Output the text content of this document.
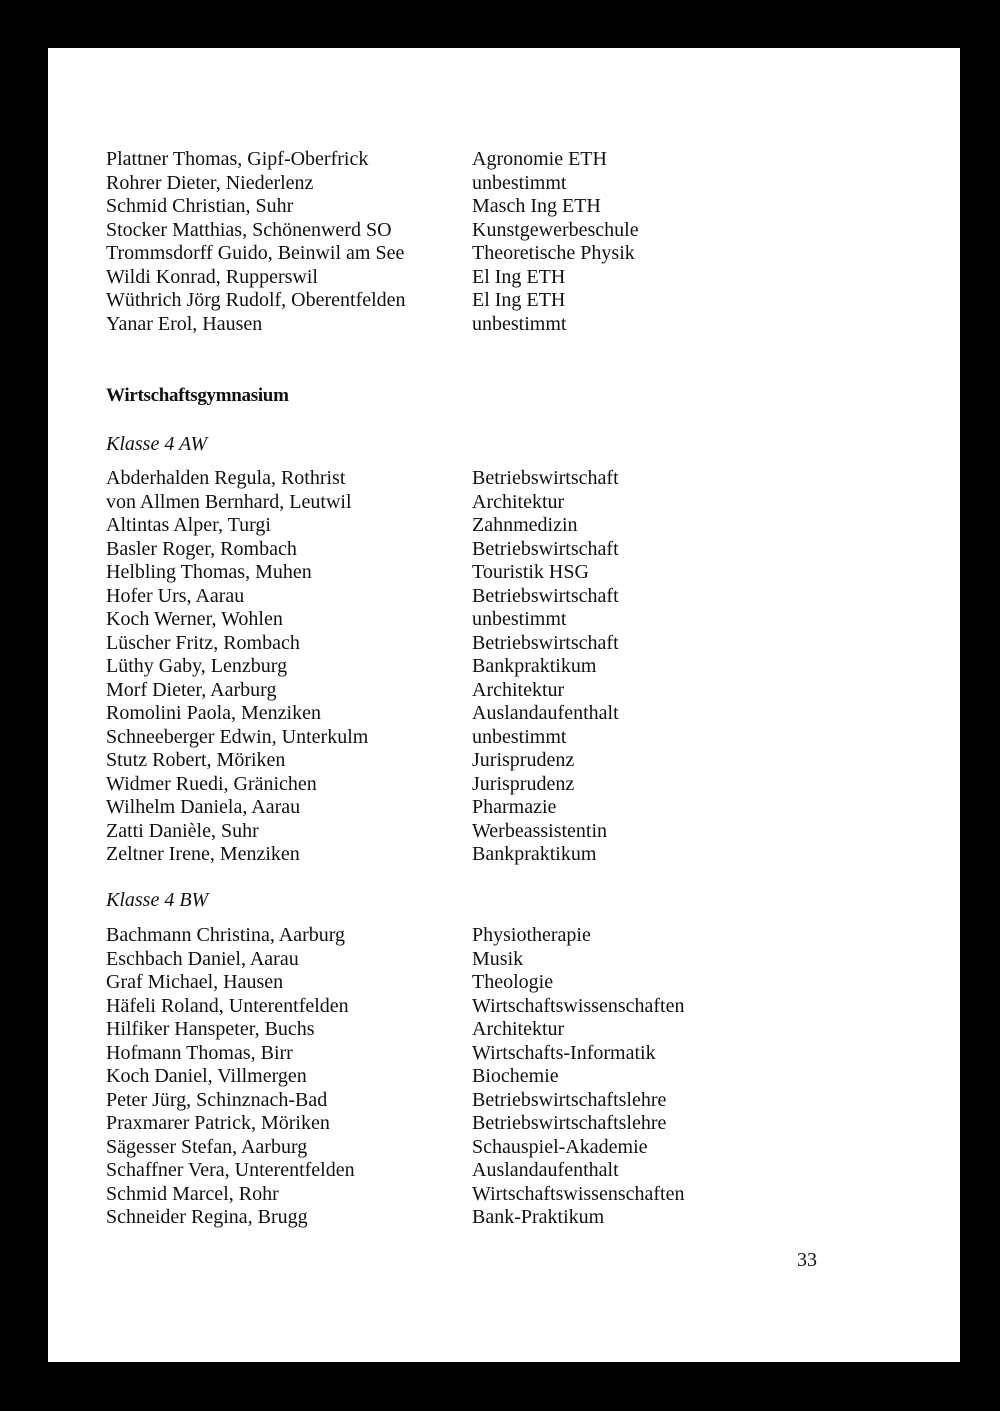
Plattner Thomas, Gipf-Oberfrick	Agronomie ETH
Rohrer Dieter, Niederlenz	unbestimmt
Schmid Christian, Suhr	Masch Ing ETH
Stocker Matthias, Schönenwerd SO	Kunstgewerbeschule
Trommsdorff Guido, Beinwil am See	Theoretische Physik
Wildi Konrad, Rupperswil	El Ing ETH
Wüthrich Jörg Rudolf, Oberentfelden	El Ing ETH
Yanar Erol, Hausen	unbestimmt
Wirtschaftsgymnasium
Klasse 4 AW
Abderhalden Regula, Rothrist	Betriebswirtschaft
von Allmen Bernhard, Leutwil	Architektur
Altintas Alper, Turgi	Zahnmedizin
Basler Roger, Rombach	Betriebswirtschaft
Helbling Thomas, Muhen	Touristik HSG
Hofer Urs, Aarau	Betriebswirtschaft
Koch Werner, Wohlen	unbestimmt
Lüscher Fritz, Rombach	Betriebswirtschaft
Lüthy Gaby, Lenzburg	Bankpraktikum
Morf Dieter, Aarburg	Architektur
Romolini Paola, Menziken	Auslandaufenthalt
Schneeberger Edwin, Unterkulm	unbestimmt
Stutz Robert, Möriken	Jurisprudenz
Widmer Ruedi, Gränichen	Jurisprudenz
Wilhelm Daniela, Aarau	Pharmazie
Zatti Danièle, Suhr	Werbeassistentin
Zeltner Irene, Menziken	Bankpraktikum
Klasse 4 BW
Bachmann Christina, Aarburg	Physiotherapie
Eschbach Daniel, Aarau	Musik
Graf Michael, Hausen	Theologie
Häfeli Roland, Unterentfelden	Wirtschaftswissenschaften
Hilfiker Hanspeter, Buchs	Architektur
Hofmann Thomas, Birr	Wirtschafts-Informatik
Koch Daniel, Villmergen	Biochemie
Peter Jürg, Schinznach-Bad	Betriebswirtschaftslehre
Praxmarer Patrick, Möriken	Betriebswirtschaftslehre
Sägesser Stefan, Aarburg	Schauspiel-Akademie
Schaffner Vera, Unterentfelden	Auslandaufenthalt
Schmid Marcel, Rohr	Wirtschaftswissenschaften
Schneider Regina, Brugg	Bank-Praktikum
33
